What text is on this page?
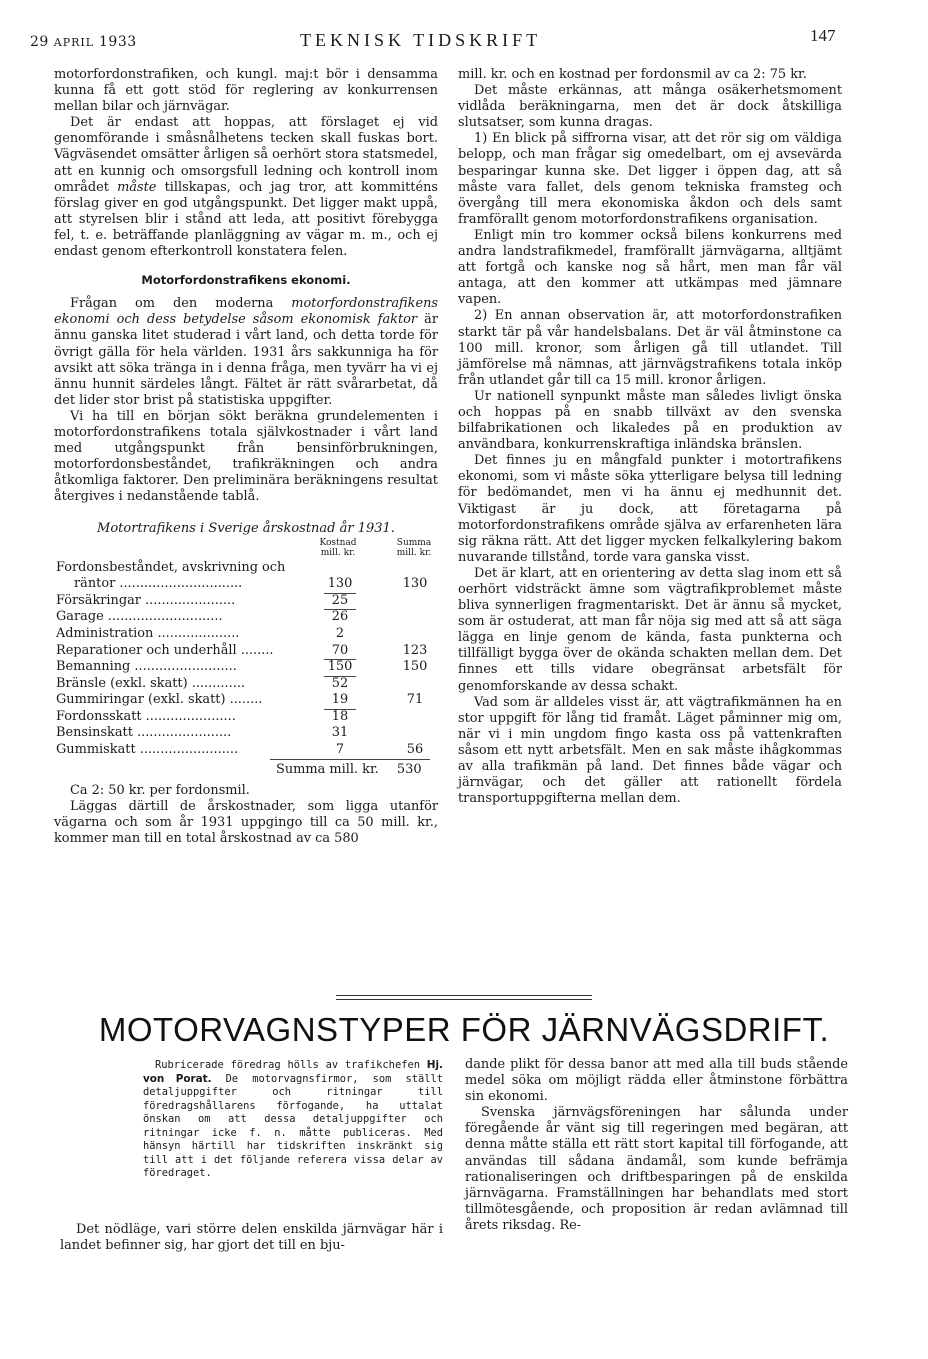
29 APRIL 1933	TEKNISK TIDSKRIFT	147

motorfordonstrafiken, och kungl. maj:t bör i densamma kunna få ett gott stöd för reglering av konkurrensen mellan bilar och järnvägar.

Det är endast att hoppas, att förslaget ej vid genomförande i småsnålhetens tecken skall fuskas bort. Vägväsendet omsätter årligen så oerhört stora statsmedel, att en kunnig och omsorgsfull ledning och kontroll inom området måste tillskapas, och jag tror, att kommitténs förslag giver en god utgångspunkt. Det ligger makt uppå, att styrelsen blir i stånd att leda, att positivt förebygga fel, t. e. beträffande planläggning av vägar m. m., och ej endast genom efterkontroll konstatera felen.

Motorfordonstrafikens ekonomi.

Frågan om den moderna motorfordonstrafikens ekonomi och dess betydelse såsom ekonomisk faktor är ännu ganska litet studerad i vårt land, och detta torde för övrigt gälla för hela världen. 1931 års sakkunniga ha för avsikt att söka tränga in i denna fråga, men tyvärr ha vi ej ännu hunnit särdeles långt. Fältet är rätt svårarbetat, då det lider stor brist på statistiska uppgifter.

Vi ha till en början sökt beräkna grundelementen i motorfordonstrafikens totala självkostnader i vårt land med utgångspunkt från bensinförbrukningen, motorfordonsbeståndet, trafikräkningen och andra åtkomliga faktorer. Den preliminära beräkningens resultat återgives i nedanstående tablå.

Motortrafikens i Sverige årskostnad år 1931.
Kostnad
mill. kr.
Summa
mill. kr.
Fordonsbeståndet, avskrivning och
räntor ..............................	130	130
Försäkringar ......................	25
Garage ............................	26
Administration ....................	2
Reparationer och underhåll ........	70	123
Bemanning .........................	150	150
Bränsle (exkl. skatt) .............	52
Gummiringar (exkl. skatt) ........	19	71
Fordonsskatt ......................	18
Bensinskatt .......................	31
Gummiskatt ........................	7	56
Summa mill. kr. 530

Ca 2: 50 kr. per fordonsmil.

Läggas därtill de årskostnader, som ligga utanför vägarna och som år 1931 uppgingo till ca 50 mill. kr., kommer man till en total årskostnad av ca 580

mill. kr. och en kostnad per fordonsmil av ca 2: 75 kr.

Det måste erkännas, att många osäkerhetsmoment vidlåda beräkningarna, men det är dock åtskilliga slutsatser, som kunna dragas.

1) En blick på siffrorna visar, att det rör sig om väldiga belopp, och man frågar sig omedelbart, om ej avsevärda besparingar kunna ske. Det ligger i öppen dag, att så måste vara fallet, dels genom tekniska framsteg och övergång till mera ekonomiska åkdon och dels samt framförallt genom motorfordonstrafikens organisation.

Enligt min tro kommer också bilens konkurrens med andra landstrafikmedel, framförallt järnvägarna, alltjämt att fortgå och kanske nog så hårt, men man får väl antaga, att den kommer att utkämpas med jämnare vapen.

2) En annan observation är, att motorfordonstrafiken starkt tär på vår handelsbalans. Det är väl åtminstone ca 100 mill. kronor, som årligen gå till utlandet. Till jämförelse må nämnas, att järnvägstrafikens totala inköp från utlandet går till ca 15 mill. kronor årligen.

Ur nationell synpunkt måste man således livligt önska och hoppas på en snabb tillväxt av den svenska bilfabrikationen och likaledes på en produktion av användbara, konkurrenskraftiga inländska bränslen.

Det finnes ju en mångfald punkter i motortrafikens ekonomi, som vi måste söka ytterligare belysa till ledning för bedömandet, men vi ha ännu ej medhunnit det. Viktigast är ju dock, att företagarna på motorfordonstrafikens område själva av erfarenheten lära sig räkna rätt. Att det ligger mycken felkalkylering bakom nuvarande tillstånd, torde vara ganska visst.

Det är klart, att en orientering av detta slag inom ett så oerhört vidsträckt ämne som vägtrafikproblemet måste bliva synnerligen fragmentariskt. Det är ännu så mycket, som är ostuderat, att man får nöja sig med att så att säga lägga en linje genom de kända, fasta punkterna och tillfälligt bygga över de okända schakten mellan dem. Det finnes ett tills vidare obegränsat arbetsfält för genomforskande av dessa schakt.

Vad som är alldeles visst är, att vägtrafikmännen ha en stor uppgift för lång tid framåt. Läget påminner mig om, när vi i min ungdom fingo kasta oss på vattenkraften såsom ett nytt arbetsfält. Men en sak måste ihågkommas av alla trafikmän på land. Det finnes både vägar och järnvägar, och det gäller att rationellt fördela transportuppgifterna mellan dem.

MOTORVAGNSTYPER FÖR JÄRNVÄGSDRIFT.

Rubricerade föredrag hölls av trafikchefen Hj. von Porat. De motorvagnsfirmor, som ställt detaljuppgifter och ritningar till föredragshållarens förfogande, ha uttalat önskan om att dessa detaljuppgifter och ritningar icke f. n. måtte publiceras. Med hänsyn härtill har tidskriften inskränkt sig till att i det följande referera vissa delar av föredraget.

Det nödläge, vari större delen enskilda järnvägar här i landet befinner sig, har gjort det till en bju-

dande plikt för dessa banor att med alla till buds stående medel söka om möjligt rädda eller åtminstone förbättra sin ekonomi.

Svenska järnvägsföreningen har sålunda under föregående år vänt sig till regeringen med begäran, att denna måtte ställa ett rätt stort kapital till förfogande, att användas till sådana ändamål, som kunde befrämja rationaliseringen och driftbesparingen på de enskilda järnvägarna. Framställningen har behandlats med stort tillmötesgående, och proposition är redan avlämnad till årets riksdag. Re-
